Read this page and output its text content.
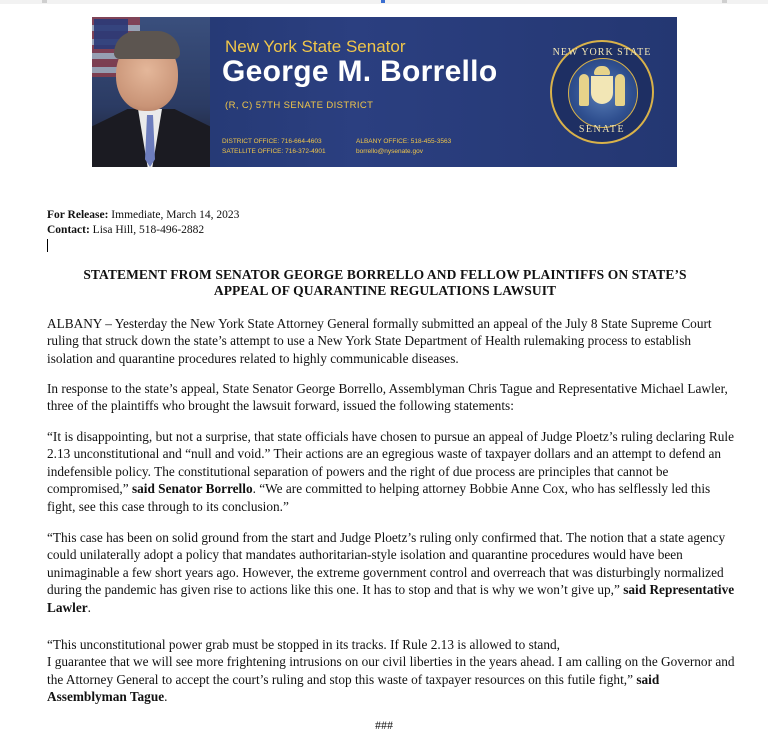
New York State Senator
George M. Borrello
(R, C) 57TH SENATE DISTRICT
DISTRICT OFFICE: 716-664-4603
SATELLITE OFFICE: 716-372-4901
ALBANY OFFICE: 518-455-3563
borrello@nysenate.gov
NEW YORK STATE
SENATE
For Release: Immediate, March 14, 2023
Contact: Lisa Hill, 518-496-2882
STATEMENT FROM SENATOR GEORGE BORRELLO AND FELLOW PLAINTIFFS ON STATE’S
APPEAL OF QUARANTINE REGULATIONS LAWSUIT
ALBANY – Yesterday the New York State Attorney General formally submitted an appeal of the July 8 State Supreme Court ruling that struck down the state’s attempt to use a New York State Department of Health rulemaking process to establish isolation and quarantine procedures related to highly communicable diseases.
In response to the state’s appeal, State Senator George Borrello, Assemblyman Chris Tague and Representative Michael Lawler, three of the plaintiffs who brought the lawsuit forward, issued the following statements:
“It is disappointing, but not a surprise, that state officials have chosen to pursue an appeal of Judge Ploetz’s ruling declaring Rule 2.13 unconstitutional and “null and void.” Their actions are an egregious waste of taxpayer dollars and an attempt to defend an indefensible policy. The constitutional separation of powers and the right of due process are principles that cannot be compromised,” said Senator Borrello. “We are committed to helping attorney Bobbie Anne Cox, who has selflessly led this fight, see this case through to its conclusion.”
“This case has been on solid ground from the start and Judge Ploetz’s ruling only confirmed that. The notion that a state agency could unilaterally adopt a policy that mandates authoritarian-style isolation and quarantine procedures would have been unimaginable a few short years ago. However, the extreme government control and overreach that was disturbingly normalized during the pandemic has given rise to actions like this one. It has to stop and that is why we won’t give up,” said Representative Lawler.
“This unconstitutional power grab must be stopped in its tracks. If Rule 2.13 is allowed to stand,
I guarantee that we will see more frightening intrusions on our civil liberties in the years ahead. I am calling on the Governor and the Attorney General to accept the court’s ruling and stop this waste of taxpayer resources on this futile fight,” said Assemblyman Tague.
###
